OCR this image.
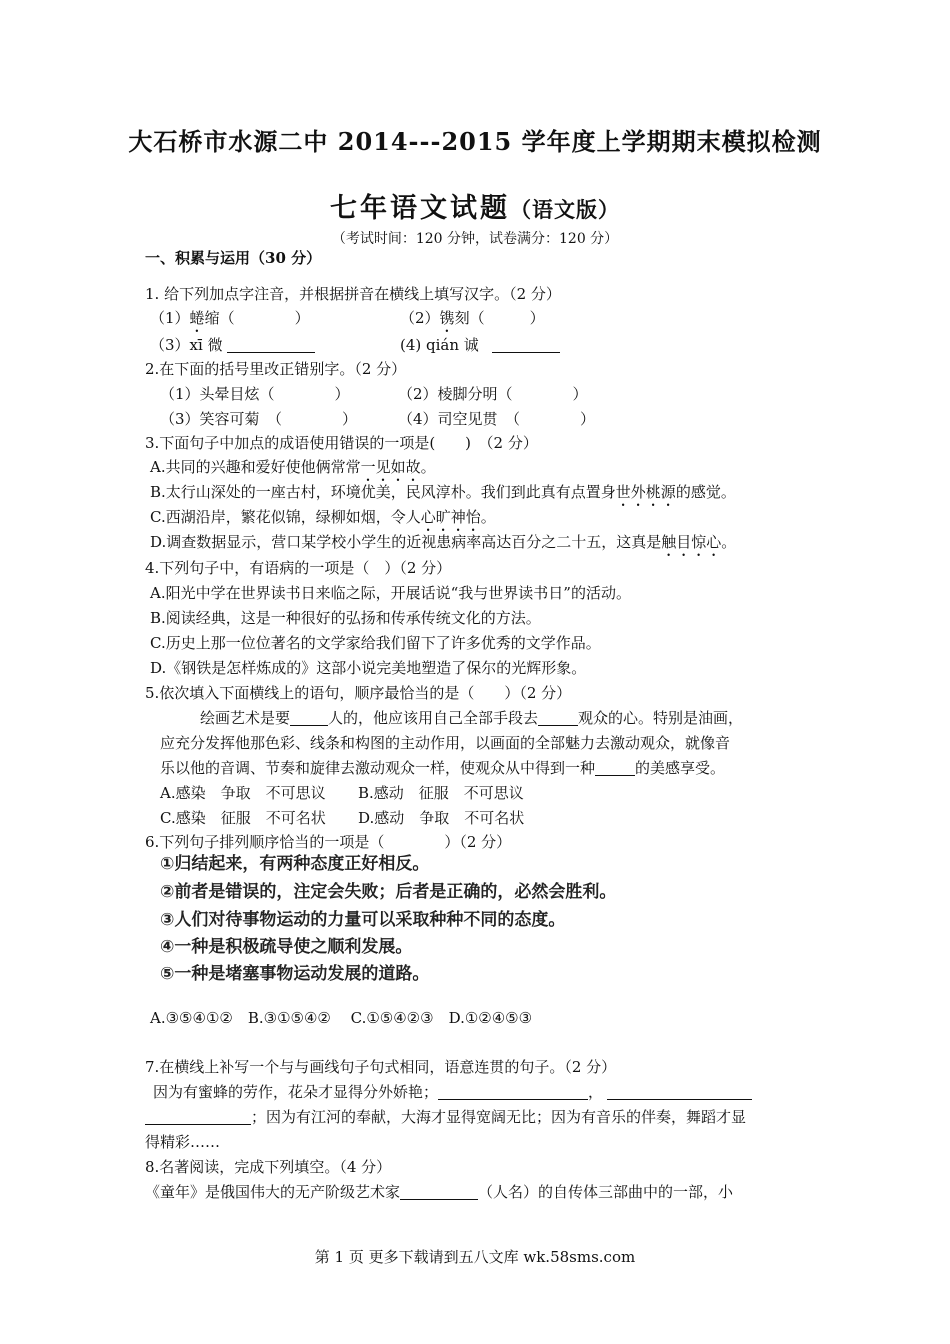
大石桥市水源二中 2014---2015 学年度上学期期末模拟检测
七年语文试题（语文版）
（考试时间：120 分钟，试卷满分：120 分）
一、积累与运用（30 分）
1. 给下列加点字注音，并根据拼音在横线上填写汉字。（2 分）
（1）蜷缩（　　　　）	（2）镌刻（　　　）
（3）xī 微	(4) qián 诚
2.在下面的括号里改正错别字。（2 分）
（1）头晕目炫（　　　　）	（2）棱脚分明（　　　　）
（3）笑容可菊　（　　　　）	（4）司空见贯　（　　　　）
3.下面句子中加点的成语使用错误的一项是(　　)　（2 分）
A.共同的兴趣和爱好使他俩常常一见如故。
B.太行山深处的一座古村，环境优美，民风淳朴。我们到此真有点置身世外桃源的感觉。
C.西湖沿岸，繁花似锦，绿柳如烟，令人心旷神怡。
D.调查数据显示，营口某学校小学生的近视患病率高达百分之二十五，这真是触目惊心。
4.下列句子中，有语病的一项是（　）（2 分）
A.阳光中学在世界读书日来临之际，开展话说“我与世界读书日”的活动。
B.阅读经典，这是一种很好的弘扬和传承传统文化的方法。
C.历史上那一位位著名的文学家给我们留下了许多优秀的文学作品。
D.《钢铁是怎样炼成的》这部小说完美地塑造了保尔的光辉形象。
5.依次填入下面横线上的语句，顺序最恰当的是（　　）（2 分）
绘画艺术是要	人的，他应该用自己全部手段去	观众的心。特别是油画，
应充分发挥他那色彩、线条和构图的主动作用，以画面的全部魅力去激动观众，就像音
乐以他的音调、节奏和旋律去激动观众一样，使观众从中得到一种	的美感享受。
A.感染　争取　不可思议 B.感动　征服　不可思议
C.感染　征服　不可名状 D.感动　争取　不可名状
6.下列句子排列顺序恰当的一项是（　　　　）（2 分）
①归结起来，有两种态度正好相反。
②前者是错误的，注定会失败；后者是正确的，必然会胜利。
③人们对待事物运动的力量可以采取种种不同的态度。
④一种是积极疏导使之顺利发展。
⑤一种是堵塞事物运动发展的道路。
A.③⑤④①②　B.③①⑤④②　 C.①⑤④②③　D.①②④⑤③
7.在横线上补写一个与与画线句子句式相同，语意连贯的句子。（2 分）
因为有蜜蜂的劳作，花朵才显得分外娇艳；	，
；因为有江河的奉献，大海才显得宽阔无比；因为有音乐的伴奏，舞蹈才显
得精彩……
8.名著阅读，完成下列填空。（4 分）
《童年》是俄国伟大的无产阶级艺术家	（人名）的自传体三部曲中的一部，小
第 1 页 更多下载请到五八文库 wk.58sms.com
